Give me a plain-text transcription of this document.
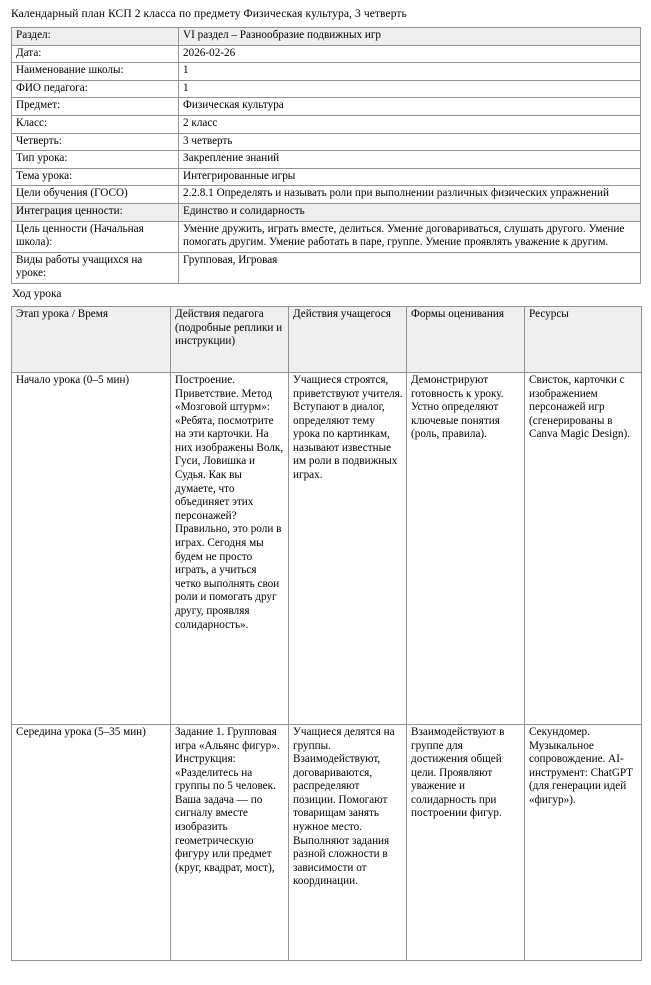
Календарный план КСП 2 класса по предмету Физическая культура, 3 четверть
Раздел:	VI раздел – Разнообразие подвижных игр
Дата:	2026-02-26
Наименование школы:	1
ФИО педагога:	1
Предмет:	Физическая культура
Класс:	2 класс
Четверть:	3 четверть
Тип урока:	Закрепление знаний
Тема урока:	Интегрированные игры
Цели обучения (ГОСО)	2.2.8.1 Определять и называть роли при выполнении различных физических упражнений
Интеграция ценности:	Единство и солидарность
Цель ценности (Начальная школа):	Умение дружить, играть вместе, делиться. Умение договариваться, слушать другого. Умение помогать другим. Умение работать в паре, группе. Умение проявлять уважение к другим.
Виды работы учащихся на уроке:	Групповая, Игровая
Ход урока
Этап урока / Время	Действия педагога (подробные реплики и инструкции)	Действия учащегося	Формы оценивания	Ресурсы
Начало урока (0–5 мин)	Построение. Приветствие. Метод «Мозговой штурм»: «Ребята, посмотрите на эти карточки. На них изображены Волк, Гуси, Ловишка и Судья. Как вы думаете, что объединяет этих персонажей? Правильно, это роли в играх. Сегодня мы будем не просто играть, а учиться четко выполнять свои роли и помогать друг другу, проявляя солидарность».	Учащиеся строятся, приветствуют учителя. Вступают в диалог, определяют тему урока по картинкам, называют известные им роли в подвижных играх.	Демонстрируют готовность к уроку. Устно определяют ключевые понятия (роль, правила).	Свисток, карточки с изображением персонажей игр (сгенерированы в Canva Magic Design).
Середина урока (5–35 мин)	Задание 1. Групповая игра «Альянс фигур». Инструкция: «Разделитесь на группы по 5 человек. Ваша задача — по сигналу вместе изобразить геометрическую фигуру или предмет (круг, квадрат, мост),	Учащиеся делятся на группы. Взаимодействуют, договариваются, распределяют позиции. Помогают товарищам занять нужное место. Выполняют задания разной сложности в зависимости от координации.	Взаимодействуют в группе для достижения общей цели. Проявляют уважение и солидарность при построении фигур.	Секундомер. Музыкальное сопровождение. AI-инструмент: ChatGPT (для генерации идей «фигур»).
